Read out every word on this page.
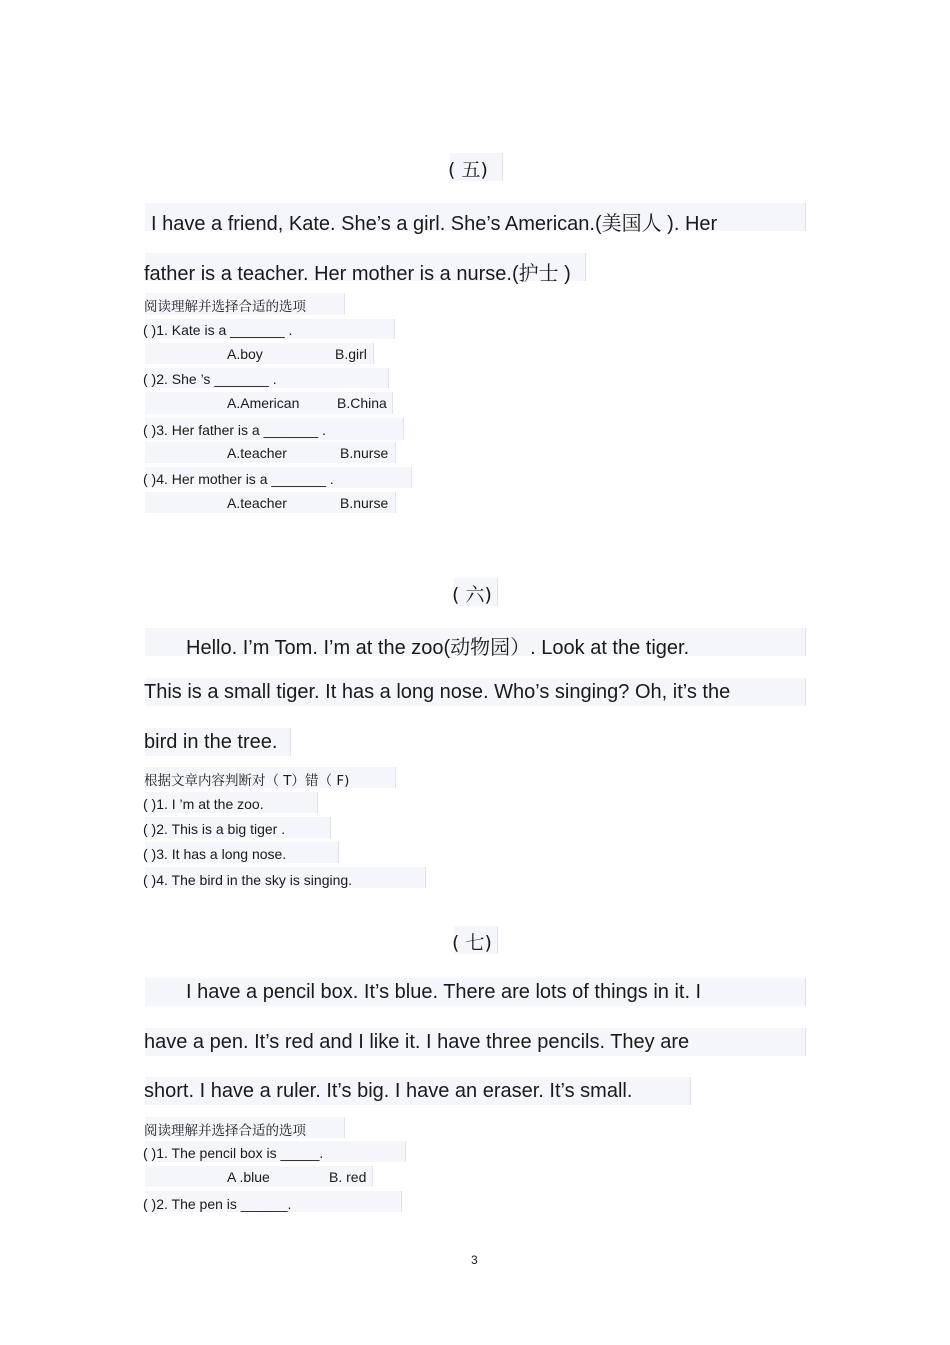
( 五)
I have a friend, Kate. She’s a girl. She’s American.(美国人 ). Her
father is a teacher. Her mother is a nurse.(护士 )
阅读理解并选择合适的选项
( )1. Kate is a _______ .
A.boy	B.girl
( )2. She ’s _______ .
A.American	B.China
( )3. Her father is a _______ .
A.teacher	B.nurse
( )4. Her mother is a _______ .
A.teacher	B.nurse
( 六)
Hello. I’m Tom. I’m at the zoo(动物园）. Look at the tiger.
This is a small tiger. It has a long nose. Who’s singing? Oh, it’s the
bird in the tree.
根据文章内容判断对（ T）错（ F)
( )1. I ’m at the zoo.
( )2. This is a big tiger .
( )3. It has a long nose.
( )4. The bird in the sky is singing.
( 七)
I have a pencil box. It’s blue. There are lots of things in it. I
have a pen. It’s red and I like it. I have three pencils. They are
short. I have a ruler. It’s big. I have an eraser. It’s small.
阅读理解并选择合适的选项
( )1. The pencil box is _____.
A .blue	B. red
( )2. The pen is ______.
3
